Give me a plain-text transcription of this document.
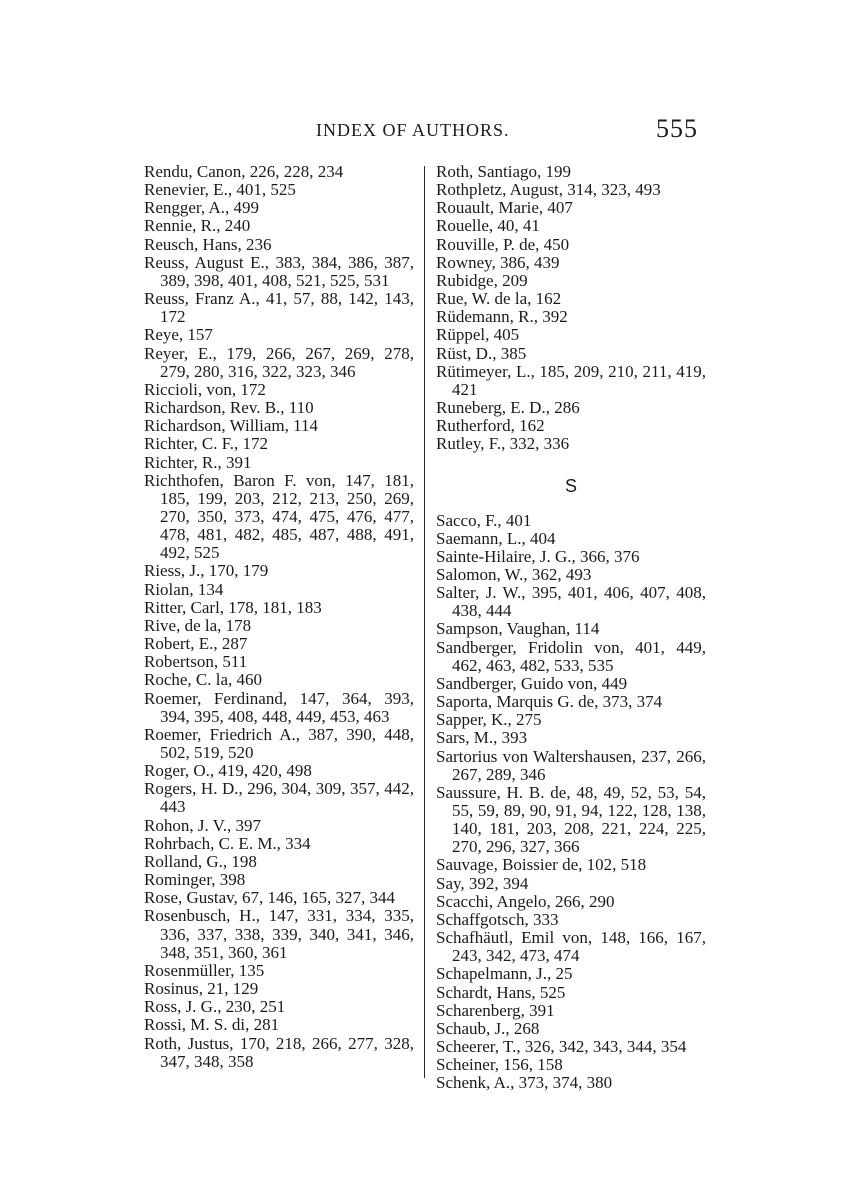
INDEX OF AUTHORS.	555
Rendu, Canon, 226, 228, 234
Renevier, E., 401, 525
Rengger, A., 499
Rennie, R., 240
Reusch, Hans, 236
Reuss, August E., 383, 384, 386, 387, 389, 398, 401, 408, 521, 525, 531
Reuss, Franz A., 41, 57, 88, 142, 143, 172
Reye, 157
Reyer, E., 179, 266, 267, 269, 278, 279, 280, 316, 322, 323, 346
Riccioli, von, 172
Richardson, Rev. B., 110
Richardson, William, 114
Richter, C. F., 172
Richter, R., 391
Richthofen, Baron F. von, 147, 181, 185, 199, 203, 212, 213, 250, 269, 270, 350, 373, 474, 475, 476, 477, 478, 481, 482, 485, 487, 488, 491, 492, 525
Riess, J., 170, 179
Riolan, 134
Ritter, Carl, 178, 181, 183
Rive, de la, 178
Robert, E., 287
Robertson, 511
Roche, C. la, 460
Roemer, Ferdinand, 147, 364, 393, 394, 395, 408, 448, 449, 453, 463
Roemer, Friedrich A., 387, 390, 448, 502, 519, 520
Roger, O., 419, 420, 498
Rogers, H. D., 296, 304, 309, 357, 442, 443
Rohon, J. V., 397
Rohrbach, C. E. M., 334
Rolland, G., 198
Rominger, 398
Rose, Gustav, 67, 146, 165, 327, 344
Rosenbusch, H., 147, 331, 334, 335, 336, 337, 338, 339, 340, 341, 346, 348, 351, 360, 361
Rosenmüller, 135
Rosinus, 21, 129
Ross, J. G., 230, 251
Rossi, M. S. di, 281
Roth, Justus, 170, 218, 266, 277, 328, 347, 348, 358
Roth, Santiago, 199
Rothpletz, August, 314, 323, 493
Rouault, Marie, 407
Rouelle, 40, 41
Rouville, P. de, 450
Rowney, 386, 439
Rubidge, 209
Rue, W. de la, 162
Rüdemann, R., 392
Rüppel, 405
Rüst, D., 385
Rütimeyer, L., 185, 209, 210, 211, 419, 421
Runeberg, E. D., 286
Rutherford, 162
Rutley, F., 332, 336
S
Sacco, F., 401
Saemann, L., 404
Sainte-Hilaire, J. G., 366, 376
Salomon, W., 362, 493
Salter, J. W., 395, 401, 406, 407, 408, 438, 444
Sampson, Vaughan, 114
Sandberger, Fridolin von, 401, 449, 462, 463, 482, 533, 535
Sandberger, Guido von, 449
Saporta, Marquis G. de, 373, 374
Sapper, K., 275
Sars, M., 393
Sartorius von Waltershausen, 237, 266, 267, 289, 346
Saussure, H. B. de, 48, 49, 52, 53, 54, 55, 59, 89, 90, 91, 94, 122, 128, 138, 140, 181, 203, 208, 221, 224, 225, 270, 296, 327, 366
Sauvage, Boissier de, 102, 518
Say, 392, 394
Scacchi, Angelo, 266, 290
Schaffgotsch, 333
Schafhäutl, Emil von, 148, 166, 167, 243, 342, 473, 474
Schapelmann, J., 25
Schardt, Hans, 525
Scharenberg, 391
Schaub, J., 268
Scheerer, T., 326, 342, 343, 344, 354
Scheiner, 156, 158
Schenk, A., 373, 374, 380
